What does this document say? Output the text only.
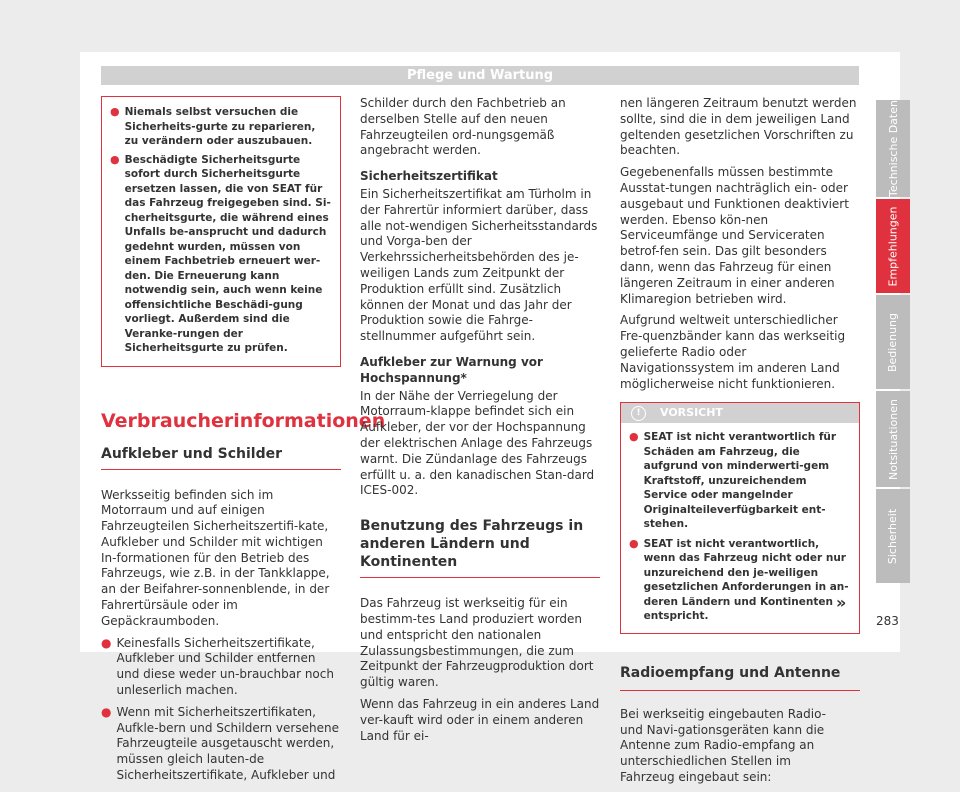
Pflege und Wartung
● Niemals selbst versuchen die Sicherheits-gurte zu reparieren, zu verändern oder auszubauen.
● Beschädigte Sicherheitsgurte sofort durch Sicherheitsgurte ersetzen lassen, die von SEAT für das Fahrzeug freigegeben sind. Si-cherheitsgurte, die während eines Unfalls be-ansprucht und dadurch gedehnt wurden, müssen von einem Fachbetrieb erneuert wer-den. Die Erneuerung kann notwendig sein, auch wenn keine offensichtliche Beschädi-gung vorliegt. Außerdem sind die Veranke-rungen der Sicherheitsgurte zu prüfen.
Verbraucherinformationen
Aufkleber und Schilder

Werksseitig befinden sich im Motorraum und auf einigen Fahrzeugteilen Sicherheitszertifi-kate, Aufkleber und Schilder mit wichtigen In-formationen für den Betrieb des Fahrzeugs, wie z.B. in der Tankklappe, an der Beifahrer-sonnenblende, in der Fahrertürsäule oder im Gepäckraumboden.

● Keinesfalls Sicherheitszertifikate, Aufkleber und Schilder entfernen und diese weder un-brauchbar noch unleserlich machen.
● Wenn mit Sicherheitszertifikaten, Aufkle-bern und Schildern versehene Fahrzeugteile ausgetauscht werden, müssen gleich lauten-de Sicherheitszertifikate, Aufkleber und

Schilder durch den Fachbetrieb an derselben Stelle auf den neuen Fahrzeugteilen ord-nungsgemäß angebracht werden.

Sicherheitszertifikat

Ein Sicherheitszertifikat am Türholm in der Fahrertür informiert darüber, dass alle not-wendigen Sicherheitsstandards und Vorga-ben der Verkehrssicherheitsbehörden des je-weiligen Lands zum Zeitpunkt der Produktion erfüllt sind. Zusätzlich können der Monat und das Jahr der Produktion sowie die Fahrge-stellnummer aufgeführt sein.

Aufkleber zur Warnung vor Hochspannung*

In der Nähe der Verriegelung der Motorraum-klappe befindet sich ein Aufkleber, der vor der Hochspannung der elektrischen Anlage des Fahrzeugs warnt. Die Zündanlage des Fahrzeugs erfüllt u. a. den kanadischen Stan-dard ICES-002.

Benutzung des Fahrzeugs in anderen Ländern und Kontinenten

Das Fahrzeug ist werkseitig für ein bestimm-tes Land produziert worden und entspricht den nationalen Zulassungsbestimmungen, die zum Zeitpunkt der Fahrzeugproduktion dort gültig waren.

Wenn das Fahrzeug in ein anderes Land ver-kauft wird oder in einem anderen Land für ei-

nen längeren Zeitraum benutzt werden sollte, sind die in dem jeweiligen Land geltenden gesetzlichen Vorschriften zu beachten.

Gegebenenfalls müssen bestimmte Ausstat-tungen nachträglich ein- oder ausgebaut und Funktionen deaktiviert werden. Ebenso kön-nen Serviceumfänge und Serviceraten betrof-fen sein. Das gilt besonders dann, wenn das Fahrzeug für einen längeren Zeitraum in einer anderen Klimaregion betrieben wird.

Aufgrund weltweit unterschiedlicher Fre-quenzbänder kann das werkseitig gelieferte Radio oder Navigationssystem im anderen Land möglicherweise nicht funktionieren.

!	VORSICHT
● SEAT ist nicht verantwortlich für Schäden am Fahrzeug, die aufgrund von minderwerti-gem Kraftstoff, unzureichendem Service oder mangelnder Originalteileverfügbarkeit ent-stehen.
● SEAT ist nicht verantwortlich, wenn das Fahrzeug nicht oder nur unzureichend den je-weiligen gesetzlichen Anforderungen in an-deren Ländern und Kontinenten entspricht.
Radioempfang und Antenne

Bei werkseitig eingebauten Radio- und Navi-gationsgeräten kann die Antenne zum Radio-empfang an unterschiedlichen Stellen im Fahrzeug eingebaut sein:

»
283
Technische Daten
Empfehlungen
Bedienung
Notsituationen
Sicherheit
